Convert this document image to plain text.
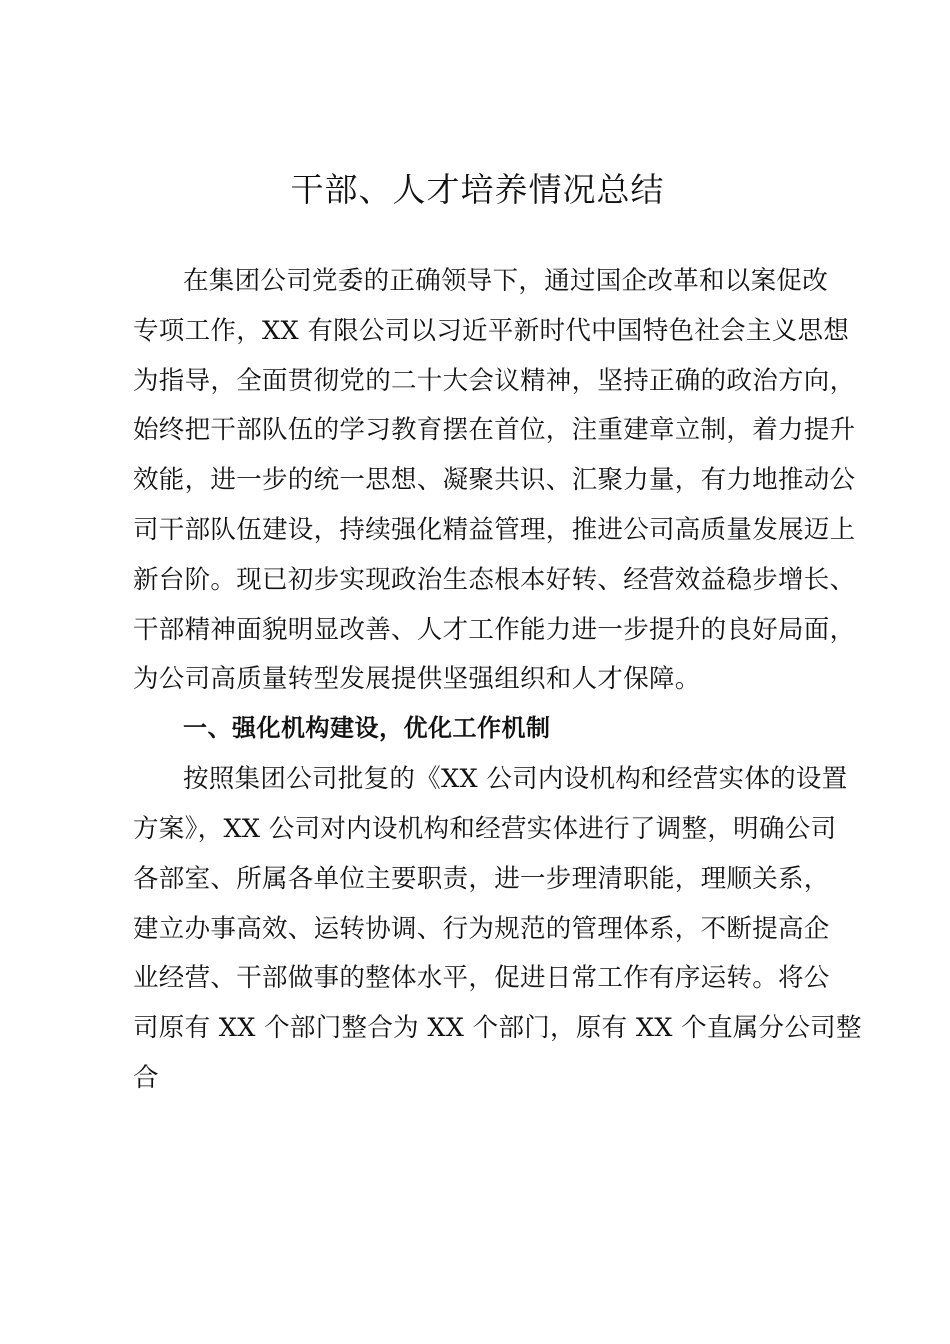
干部、人才培养情况总结
在集团公司党委的正确领导下，通过国企改革和以案促改
专项工作，XX 有限公司以习近平新时代中国特色社会主义思想
为指导，全面贯彻党的二十大会议精神，坚持正确的政治方向，
始终把干部队伍的学习教育摆在首位，注重建章立制，着力提升
效能，进一步的统一思想、凝聚共识、汇聚力量，有力地推动公
司干部队伍建设，持续强化精益管理，推进公司高质量发展迈上
新台阶。现已初步实现政治生态根本好转、经营效益稳步增长、
干部精神面貌明显改善、人才工作能力进一步提升的良好局面，
为公司高质量转型发展提供坚强组织和人才保障。
一、强化机构建设，优化工作机制
按照集团公司批复的《XX 公司内设机构和经营实体的设置
方案》，XX 公司对内设机构和经营实体进行了调整，明确公司
各部室、所属各单位主要职责，进一步理清职能，理顺关系，
建立办事高效、运转协调、行为规范的管理体系，不断提高企
业经营、干部做事的整体水平，促进日常工作有序运转。将公
司原有 XX 个部门整合为 XX 个部门，原有 XX 个直属分公司整
合
